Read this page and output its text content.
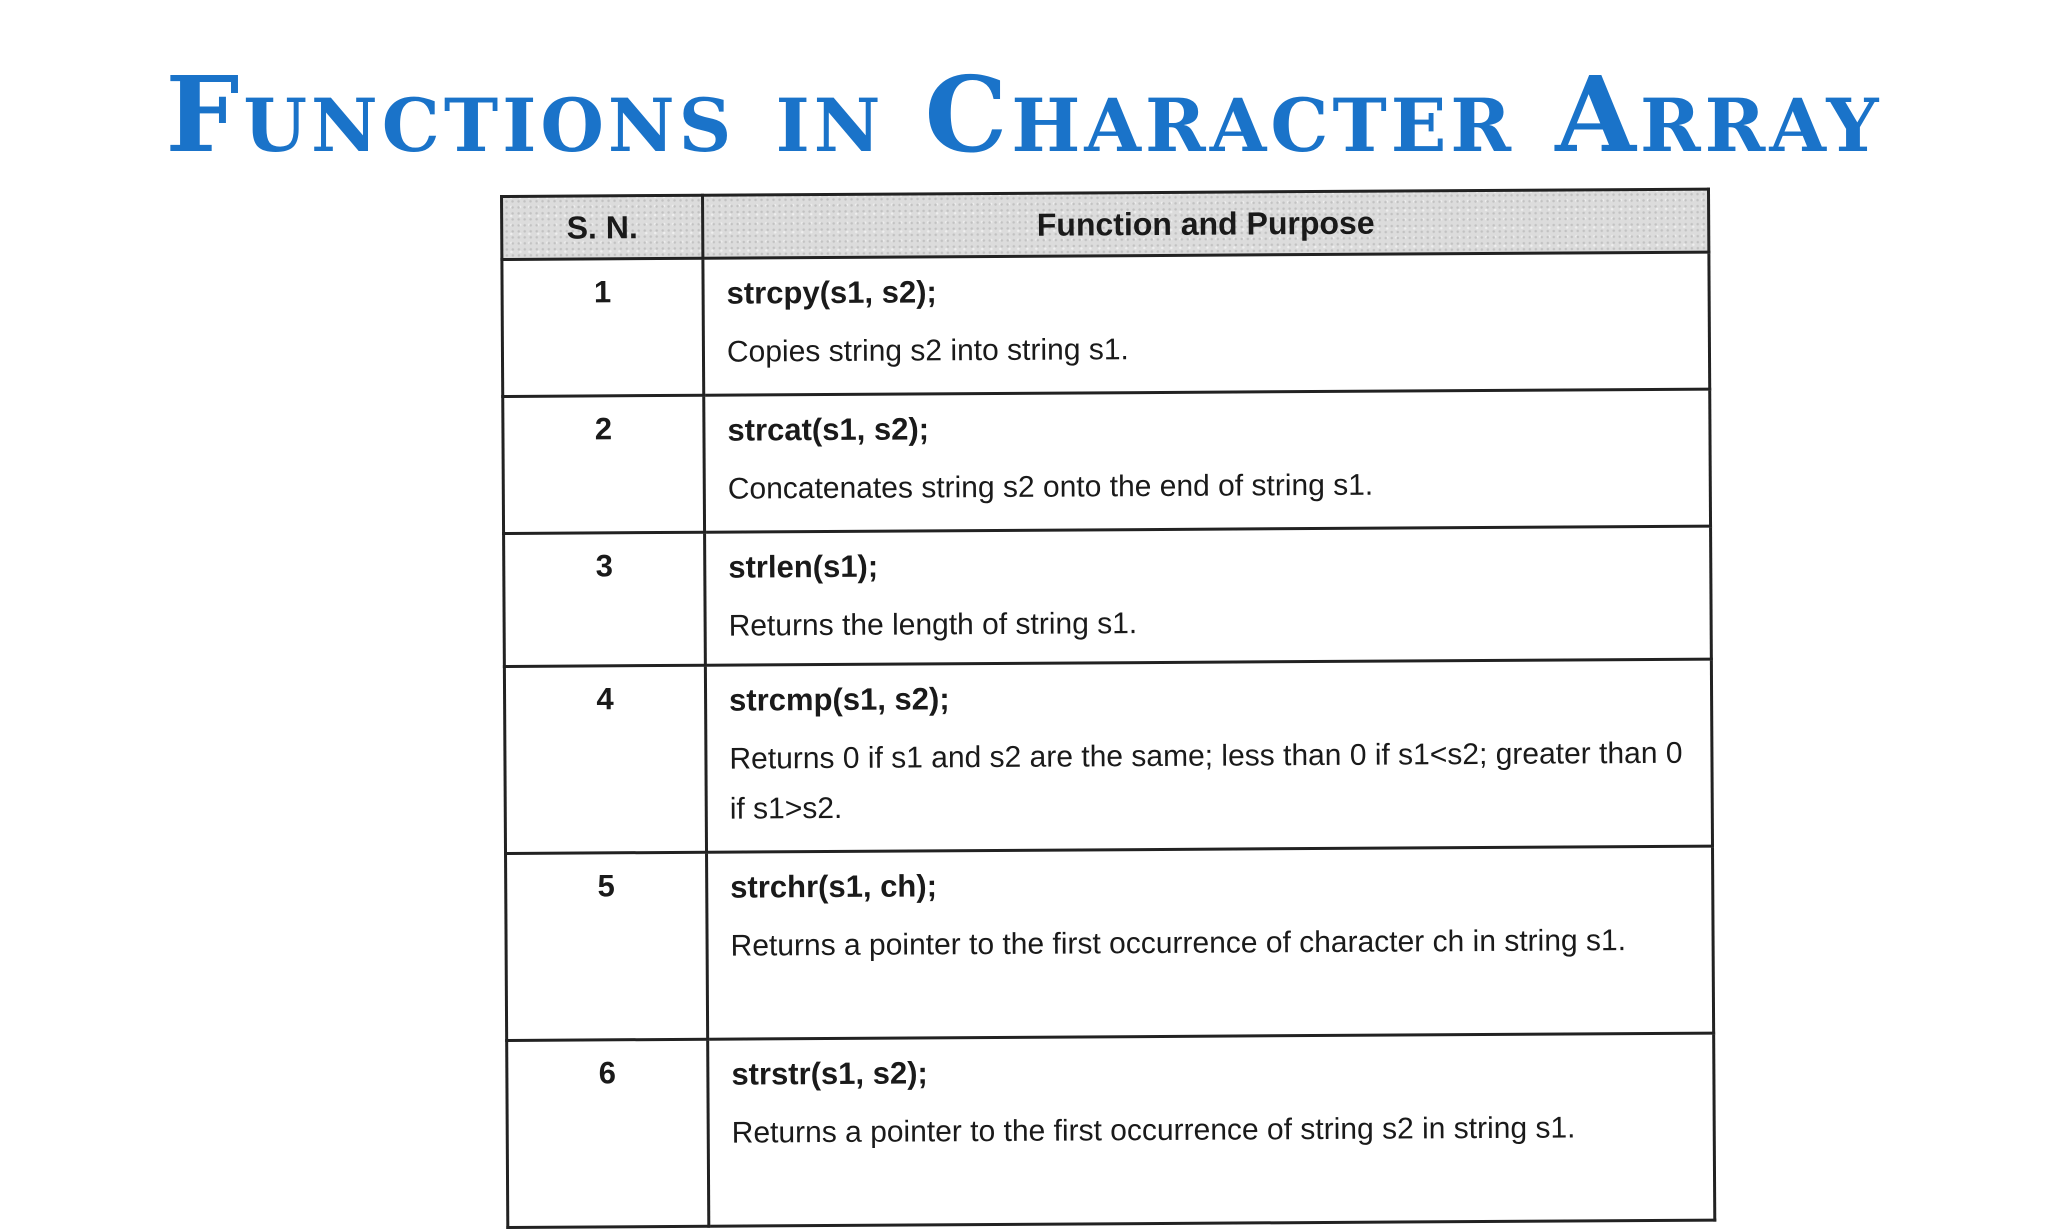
Functions in Character Array
S. N.	Function and Purpose
1	strcpy(s1, s2);
Copies string s2 into string s1.

2	strcat(s1, s2);
Concatenates string s2 onto the end of string s1.

3	strlen(s1);
Returns the length of string s1.

4	strcmp(s1, s2);
Returns 0 if s1 and s2 are the same; less than 0 if s1<s2; greater than 0 if s1>s2.

5	strchr(s1, ch);
Returns a pointer to the first occurrence of character ch in string s1.

6	strstr(s1, s2);
Returns a pointer to the first occurrence of string s2 in string s1.
